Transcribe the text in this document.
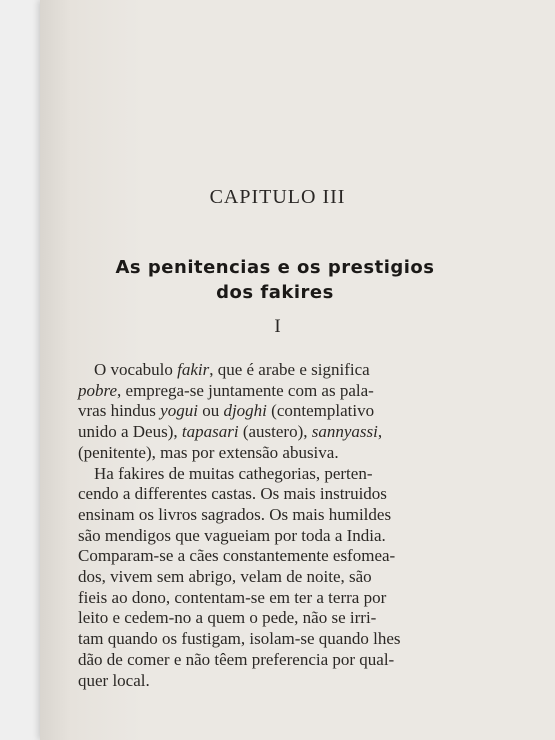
CAPITULO III
As penitencias e os prestigios
dos fakires
I
O vocabulo fakir, que é arabe e significa
pobre, emprega-se juntamente com as pala-
vras hindus yogui ou djoghi (contemplativo
unido a Deus), tapasari (austero), sannyassi,
(penitente), mas por extensão abusiva.
Ha fakires de muitas cathegorias, perten-
cendo a differentes castas. Os mais instruidos
ensinam os livros sagrados. Os mais humildes
são mendigos que vagueiam por toda a India.
Comparam-se a cães constantemente esfomea-
dos, vivem sem abrigo, velam de noite, são
fieis ao dono, contentam-se em ter a terra por
leito e cedem-no a quem o pede, não se irri-
tam quando os fustigam, isolam-se quando lhes
dão de comer e não têem preferencia por qual-
quer local.
